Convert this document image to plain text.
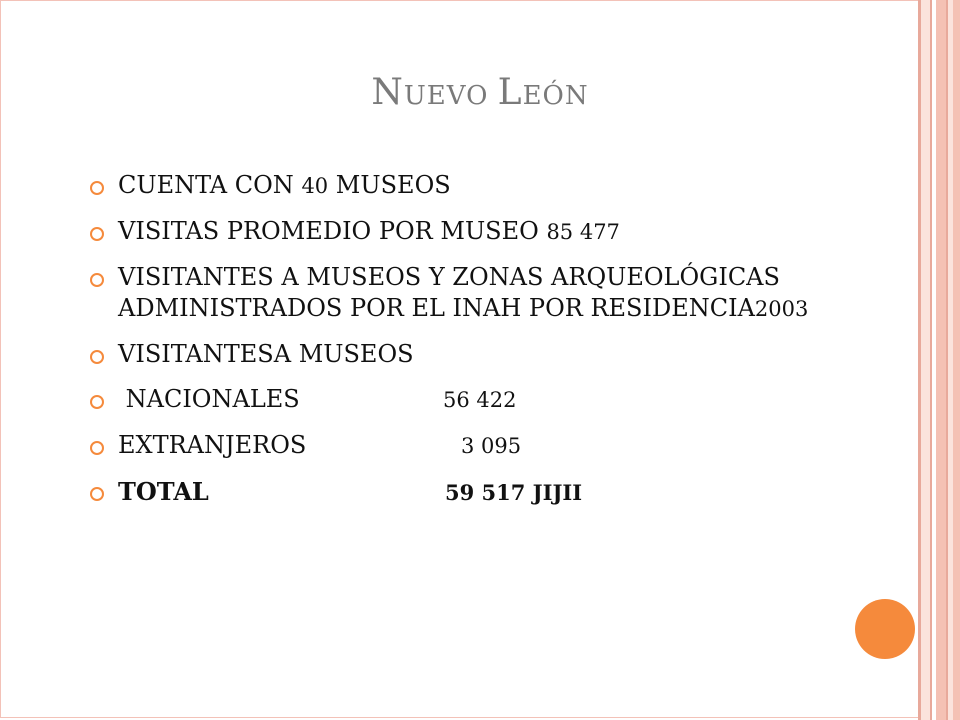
NUEVO LEÓN
CUENTA CON 40 MUSEOS
VISITAS PROMEDIO POR MUSEO 85 477
VISITANTES A MUSEOS Y ZONAS ARQUEOLÓGICAS ADMINISTRADOS POR EL INAH POR RESIDENCIA2003
VISITANTESA MUSEOS
NACIONALES	56 422
EXTRANJEROS	3 095
TOTAL	59 517 JIJII
